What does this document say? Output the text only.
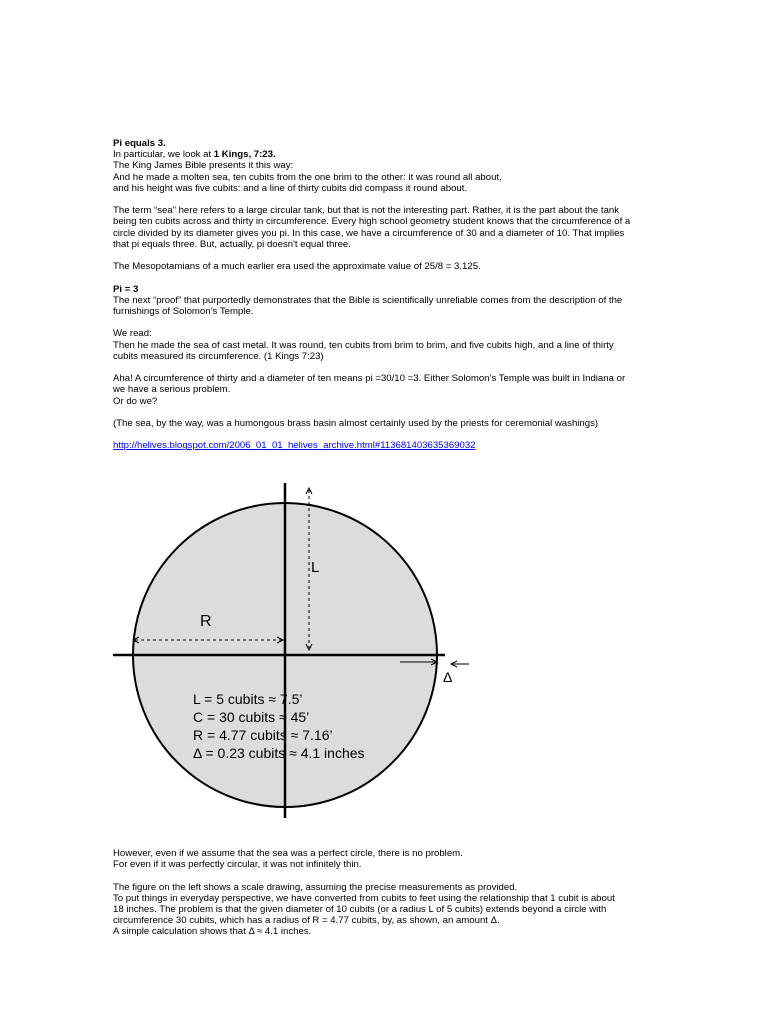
Pi equals 3.

In particular, we look at 1 Kings, 7:23.

The King James Bible presents it this way:

And he made a molten sea, ten cubits from the one brim to the other: it was round all about,

and his height was five cubits: and a line of thirty cubits did compass it round about.

The term “sea” here refers to a large circular tank, but that is not the interesting part. Rather, it is the part about the tank

being ten cubits across and thirty in circumference. Every high school geometry student knows that the circumference of a

circle divided by its diameter gives you pi. In this case, we have a circumference of 30 and a diameter of 10. That implies

that pi equals three. But, actually, pi doesn't equal three.

The Mesopotamians of a much earlier era used the approximate value of 25/8 = 3.125.

Pi = 3

The next “proof” that purportedly demonstrates that the Bible is scientifically unreliable comes from the description of the

furnishings of Solomon’s Temple.

We read:

Then he made the sea of cast metal. It was round, ten cubits from brim to brim, and five cubits high, and a line of thirty

cubits measured its circumference. (1 Kings 7:23)

Aha! A circumference of thirty and a diameter of ten means pi =30/10 =3. Either Solomon’s Temple was built in Indiana or

we have a serious problem.

Or do we?

(The sea, by the way, was a humongous brass basin almost certainly used by the priests for ceremonial washings)

http://helives.blogspot.com/2006_01_01_helives_archive.html#113681403635369032

L
R
Δ
L = 5 cubits ≈ 7.5’
C = 30 cubits ≈ 45’
R = 4.77 cubits ≈ 7.16’
Δ = 0.23 cubits ≈ 4.1 inches

However, even if we assume that the sea was a perfect circle, there is no problem.

For even if it was perfectly circular, it was not infinitely thin.

The figure on the left shows a scale drawing, assuming the precise measurements as provided.

To put things in everyday perspective, we have converted from cubits to feet using the relationship that 1 cubit is about

18 inches. The problem is that the given diameter of 10 cubits (or a radius L of 5 cubits) extends beyond a circle with

circumference 30 cubits, which has a radius of R = 4.77 cubits, by, as shown, an amount Δ.

A simple calculation shows that Δ ≈ 4.1 inches.
